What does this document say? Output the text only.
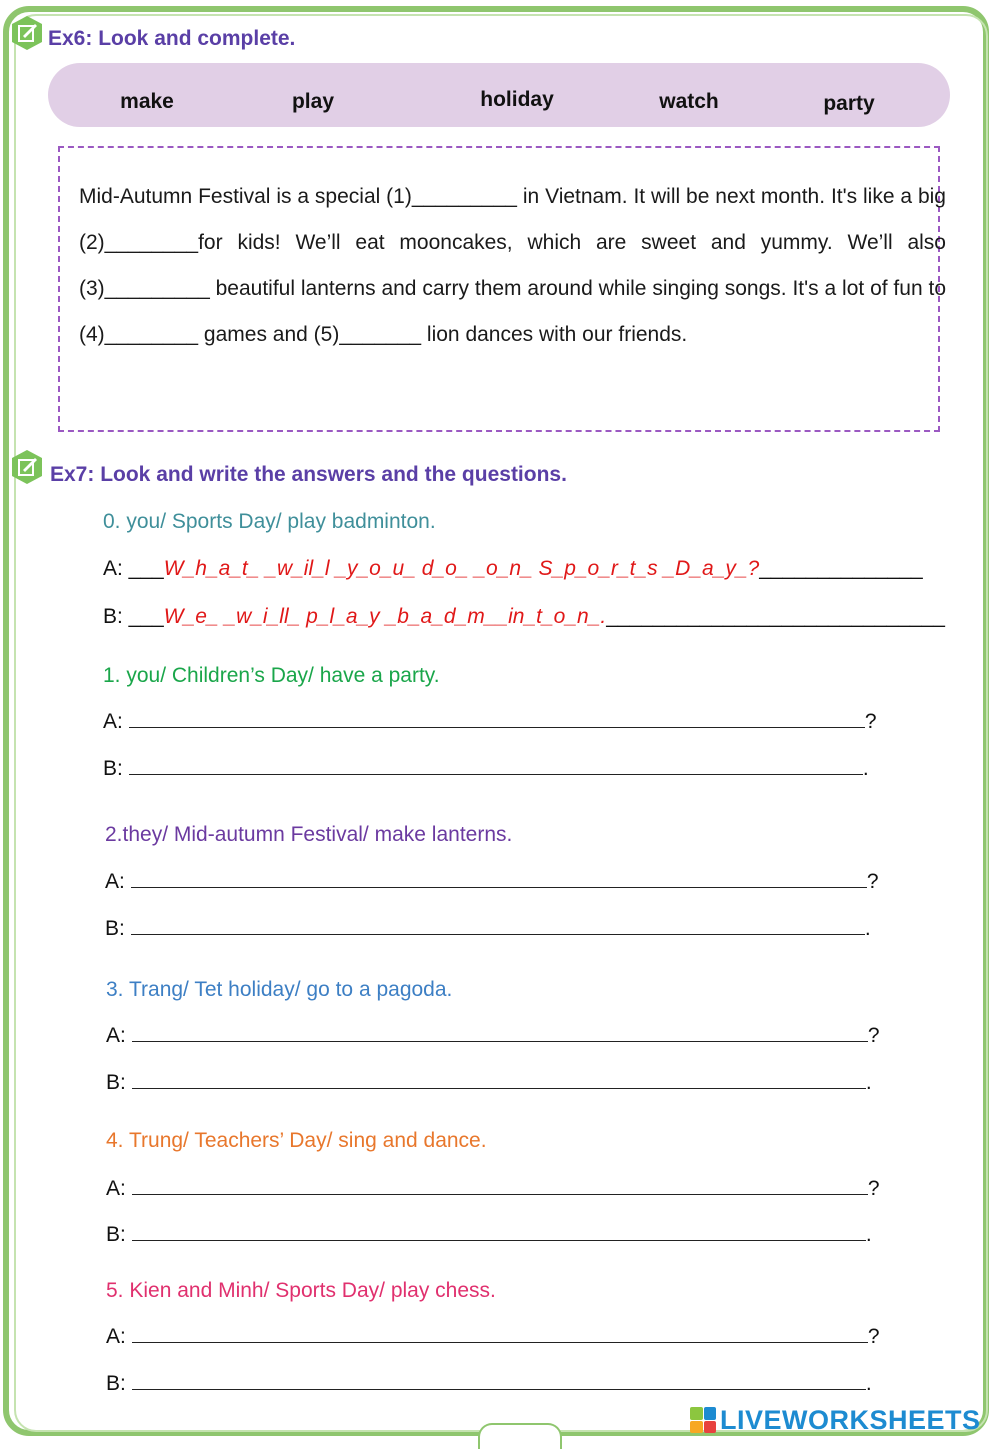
Ex6: Look and complete.
make	play	holiday	watch	party
Mid-Autumn Festival is a special (1)_________ in Vietnam. It will be next month. It's like a big (2)________for kids! We’ll eat mooncakes, which are sweet and yummy. We’ll also (3)_________ beautiful lanterns and carry them around while singing songs. It's a lot of fun to (4)________ games and (5)_______ lion dances with our friends.
Ex7: Look and write the answers and the questions.
0. you/ Sports Day/ play badminton.
A: ___W_h_a_t_ _w_il_l _y_o_u_ d_o_ _o_n_ S_p_o_r_t_s _D_a_y_?______________
B: ___W_e_ _w_i_ll_ p_l_a_y _b_a_d_m__in_t_o_n_._____________________________
1. you/ Children’s Day/ have a party.
A:	?
B:	.
2.they/ Mid-autumn Festival/ make lanterns.
A:	?
B:	.
3. Trang/ Tet holiday/ go to a pagoda.
A:	?
B:	.
4. Trung/ Teachers’ Day/ sing and dance.
A:	?
B:	.
5. Kien and Minh/ Sports Day/ play chess.
A:	?
B:	.
LIVEWORKSHEETS
